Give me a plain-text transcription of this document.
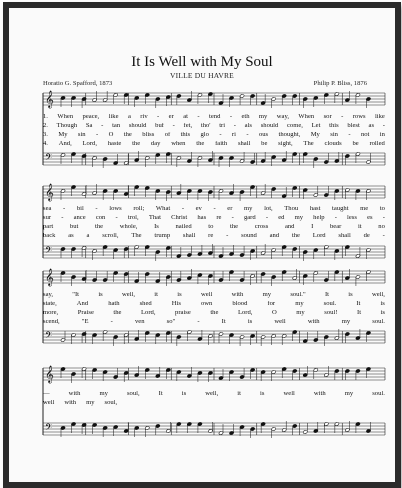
It Is Well with My Soul
VILLE DU HAVRE
Horatio G. Spafford, 1873	Philip P. Bliss, 1876
𝄞
𝄢
𝄞
𝄢
𝄞
𝄢
𝄞
𝄢
1. When peace, like a riv - er at - tend - eth my way, When sor - rows like
2. Though Sa - tan should buf - fet, tho' tri - als should come, Let this blest as -
3. My sin - O the bliss of this glo - ri - ous thought, My sin - not in
4. And, Lord, haste the day when the faith shall be sight, The clouds be rolled
sea - bil - lows roll; What - ev - er my lot, Thou hast taught me to
sur - ance con - trol, That Christ has re - gard - ed my help - less es -
part	but	the	whole,	Is	nailed	to	the	cross	and	I	bear	it	no
back as a scroll, The trump shall re - sound and the Lord shall de -
say,	"It	is	well,	it	is	well	with	my	soul."	It	is	well,
state,	And	hath	shed	His	own	blood	for	my	soul.	It	is
more,	Praise	the	Lord,	praise	the	Lord,	O	my	soul!	It	is
scend,	"E	-	ven	so"	-	It	is	well	with	my	soul.
—	with	my	soul,	It	is	well,	it	is	well	with	my	soul.
well with my soul,
